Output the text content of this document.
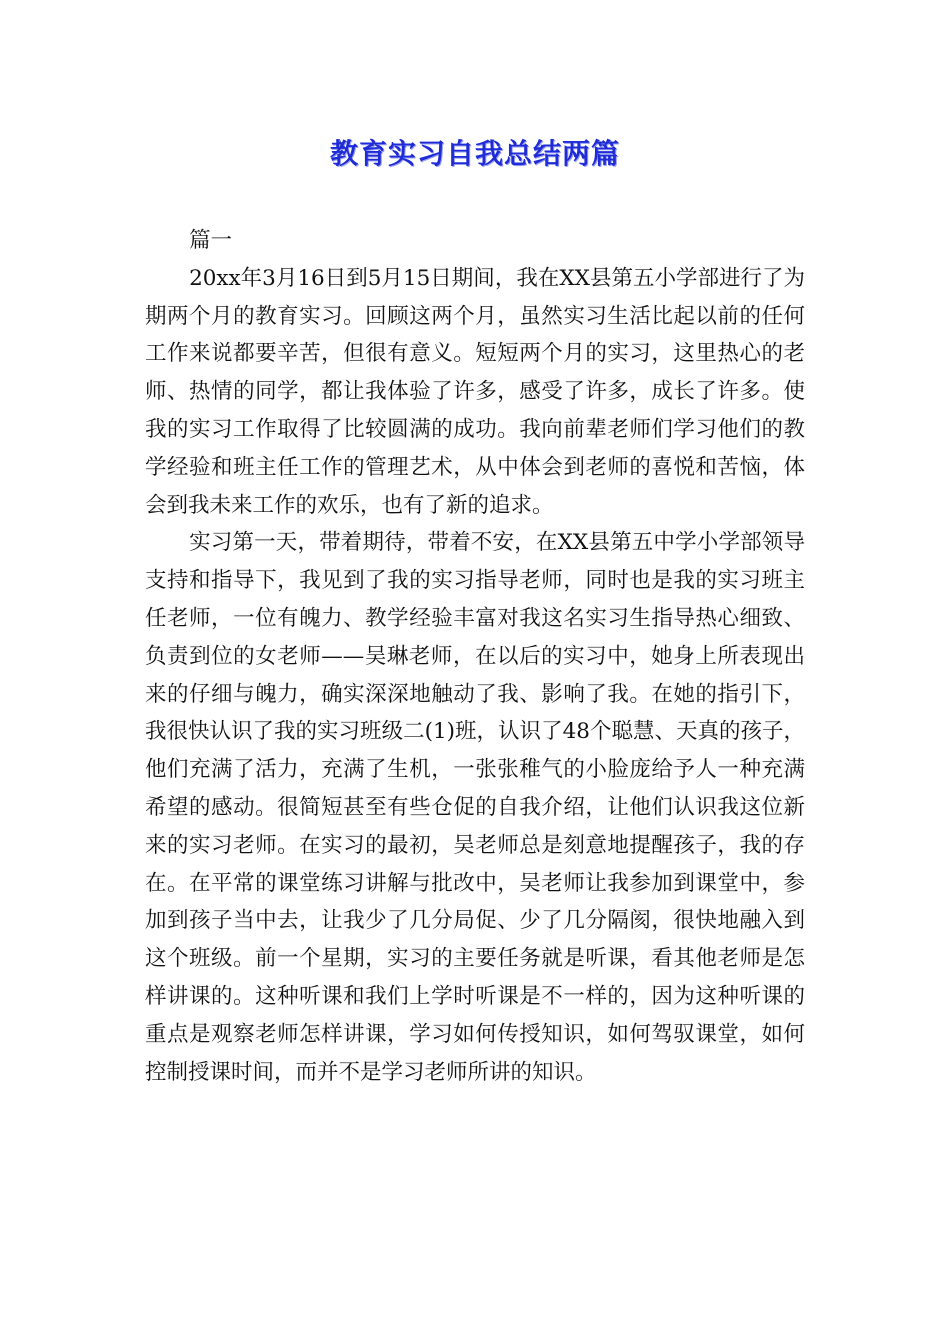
教育实习自我总结两篇

篇一

20xx年3月16日到5月15日期间，我在XX县第五小学部进行了为期两个月的教育实习。回顾这两个月，虽然实习生活比起以前的任何工作来说都要辛苦，但很有意义。短短两个月的实习，这里热心的老师、热情的同学，都让我体验了许多，感受了许多，成长了许多。使我的实习工作取得了比较圆满的成功。我向前辈老师们学习他们的教学经验和班主任工作的管理艺术，从中体会到老师的喜悦和苦恼，体会到我未来工作的欢乐，也有了新的追求。

实习第一天，带着期待，带着不安，在XX县第五中学小学部领导支持和指导下，我见到了我的实习指导老师，同时也是我的实习班主任老师，一位有魄力、教学经验丰富对我这名实习生指导热心细致、负责到位的女老师——吴琳老师，在以后的实习中，她身上所表现出来的仔细与魄力，确实深深地触动了我、影响了我。在她的指引下，我很快认识了我的实习班级二(1)班，认识了48个聪慧、天真的孩子，他们充满了活力，充满了生机，一张张稚气的小脸庞给予人一种充满希望的感动。很简短甚至有些仓促的自我介绍，让他们认识我这位新来的实习老师。在实习的最初，吴老师总是刻意地提醒孩子，我的存在。在平常的课堂练习讲解与批改中，吴老师让我参加到课堂中，参加到孩子当中去，让我少了几分局促、少了几分隔阂，很快地融入到这个班级。前一个星期，实习的主要任务就是听课，看其他老师是怎样讲课的。这种听课和我们上学时听课是不一样的，因为这种听课的重点是观察老师怎样讲课，学习如何传授知识，如何驾驭课堂，如何控制授课时间，而并不是学习老师所讲的知识。
